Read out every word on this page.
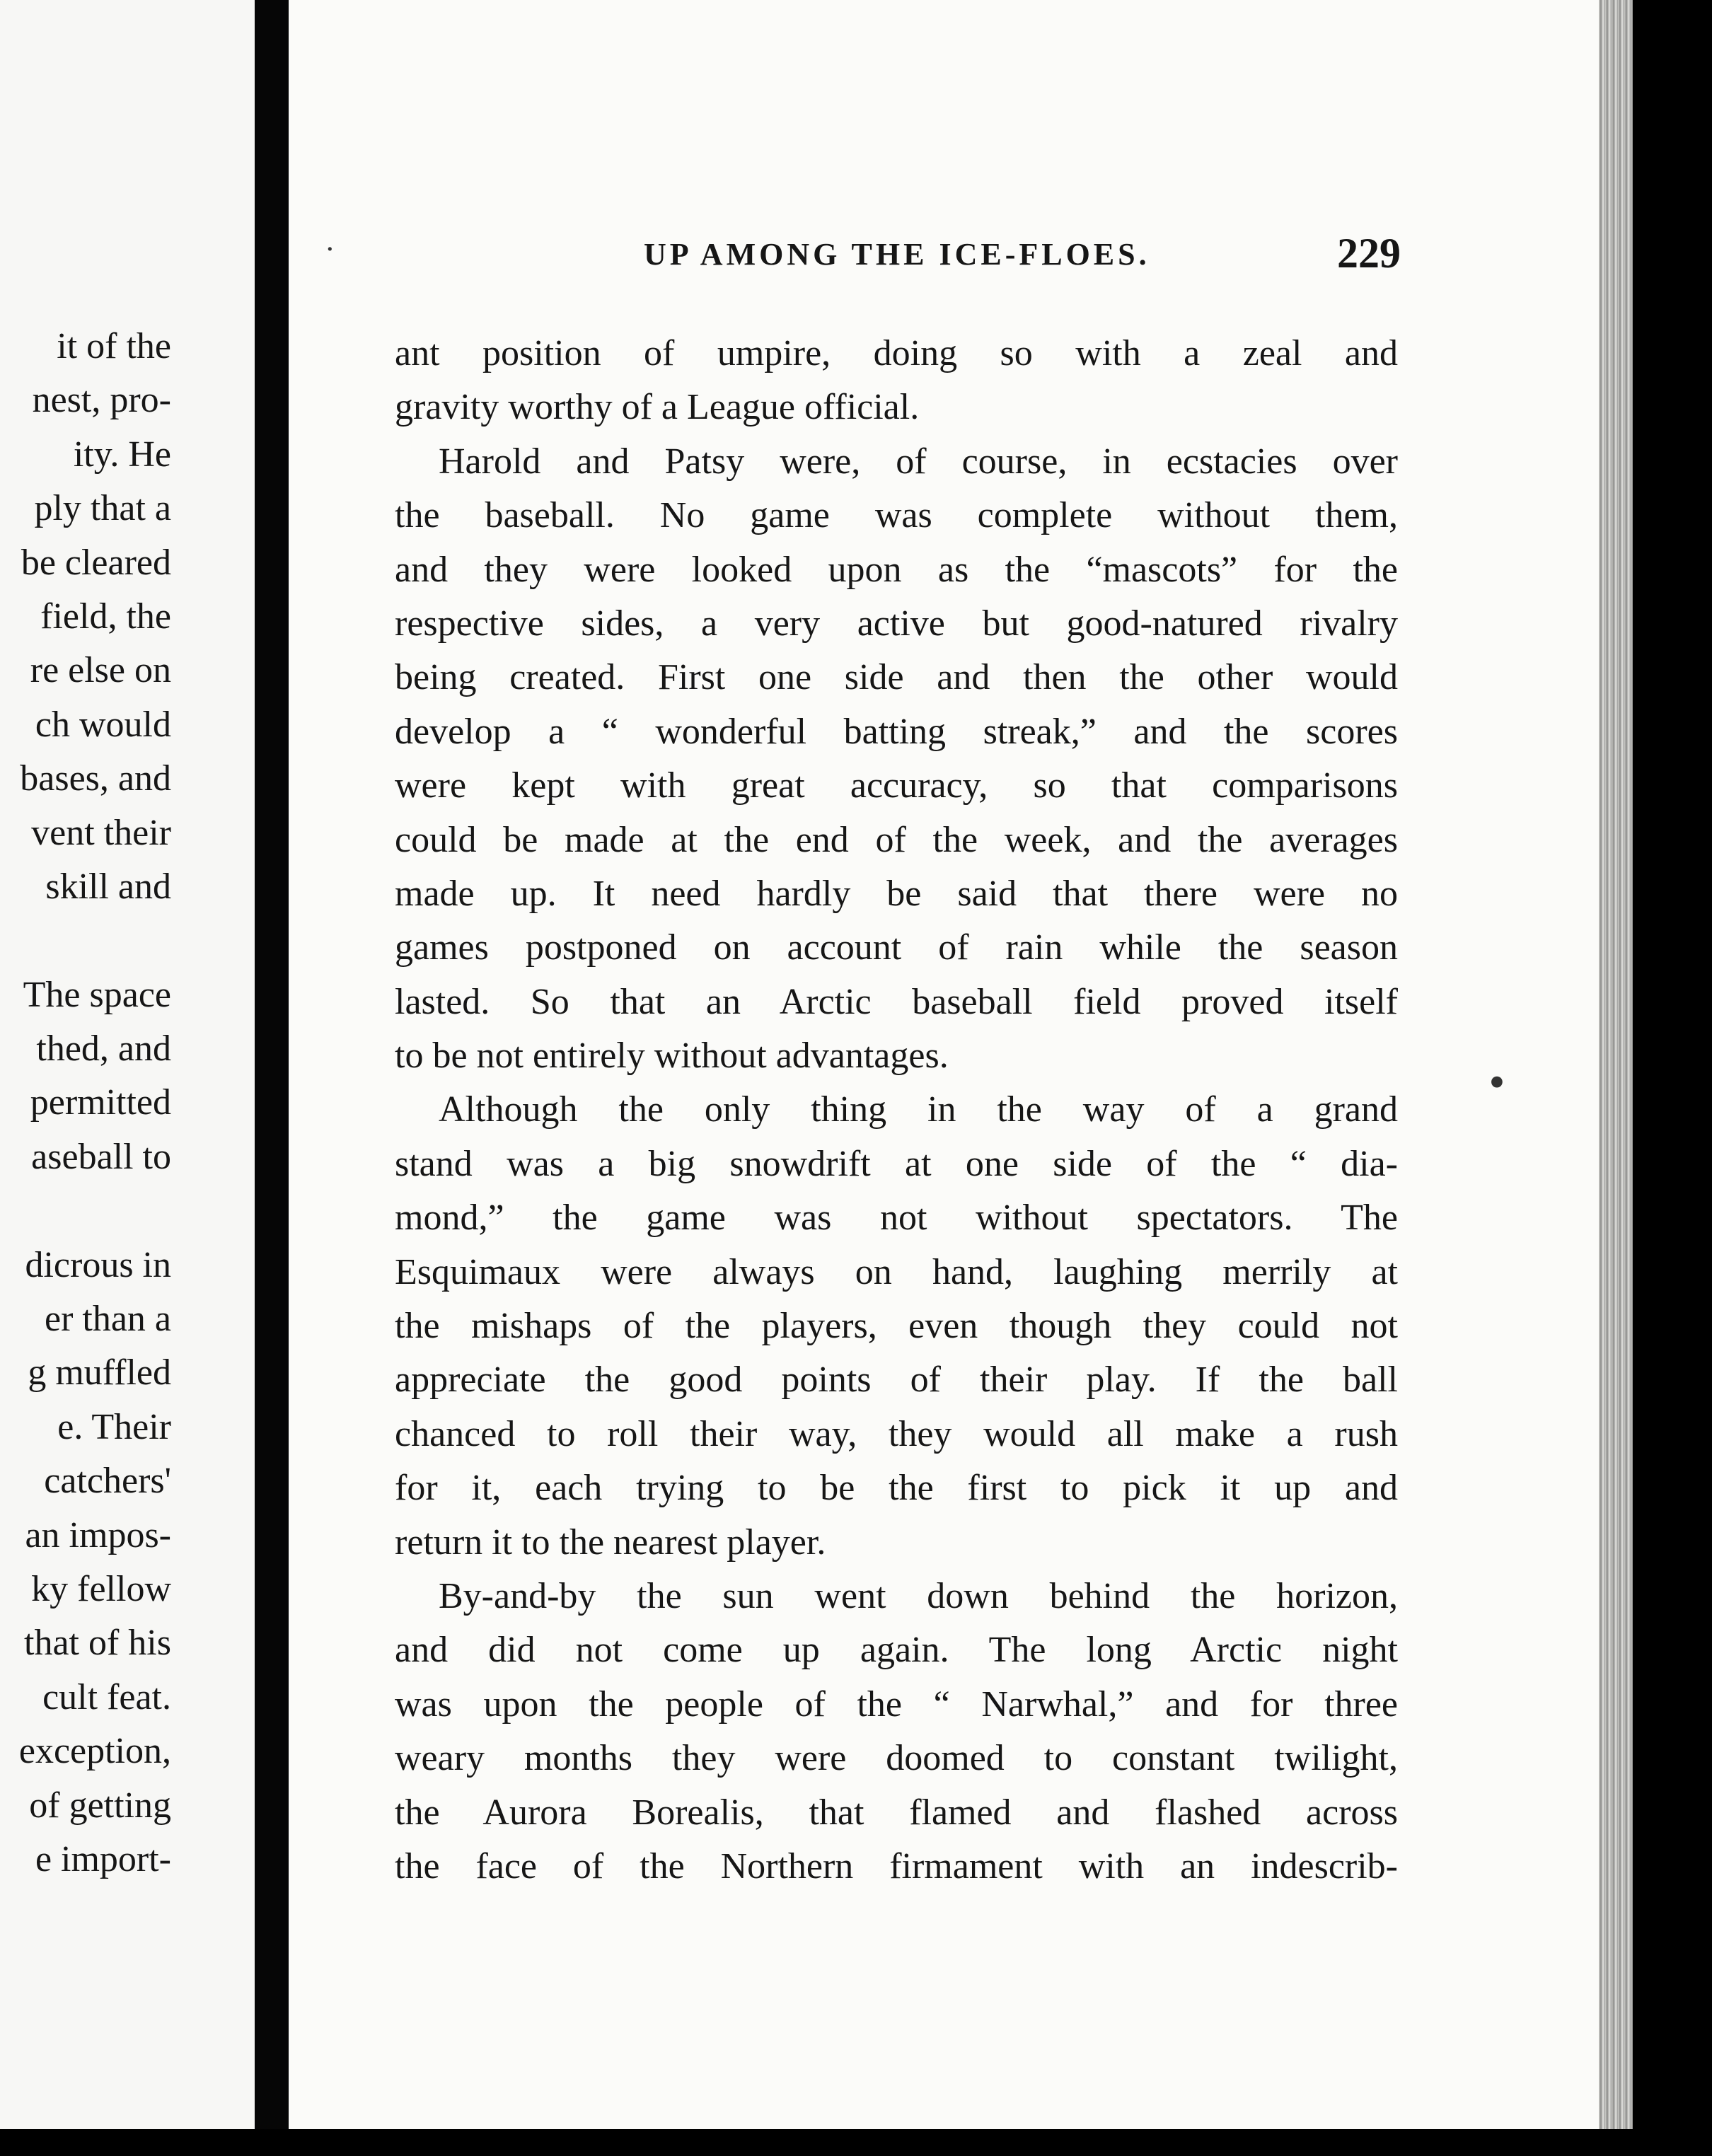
it of the
nest, pro-
ity. He
ply that a
be cleared
field, the
re else on
ch would
bases, and
vent their
skill and
The space
thed, and
permitted
aseball to
dicrous in
er than a
g muffled
e. Their
catchers'
an impos-
ky fellow
that of his
cult feat.
exception,
of getting
e import-
·
•
UP AMONG THE ICE-FLOES.	229
ant position of umpire, doing so with a zeal and
gravity worthy of a League official.
Harold and Patsy were, of course, in ecstacies over
the baseball. No game was complete without them,
and they were looked upon as the “mascots” for the
respective sides, a very active but good-natured rivalry
being created. First one side and then the other would
develop a “ wonderful batting streak,” and the scores
were kept with great accuracy, so that comparisons
could be made at the end of the week, and the averages
made up. It need hardly be said that there were no
games postponed on account of rain while the season
lasted. So that an Arctic baseball field proved itself
to be not entirely without advantages.
Although the only thing in the way of a grand
stand was a big snowdrift at one side of the “ dia-
mond,” the game was not without spectators. The
Esquimaux were always on hand, laughing merrily at
the mishaps of the players, even though they could not
appreciate the good points of their play. If the ball
chanced to roll their way, they would all make a rush
for it, each trying to be the first to pick it up and
return it to the nearest player.
By-and-by the sun went down behind the horizon,
and did not come up again. The long Arctic night
was upon the people of the “ Narwhal,” and for three
weary months they were doomed to constant twilight,
the Aurora Borealis, that flamed and flashed across
the face of the Northern firmament with an indescrib-
